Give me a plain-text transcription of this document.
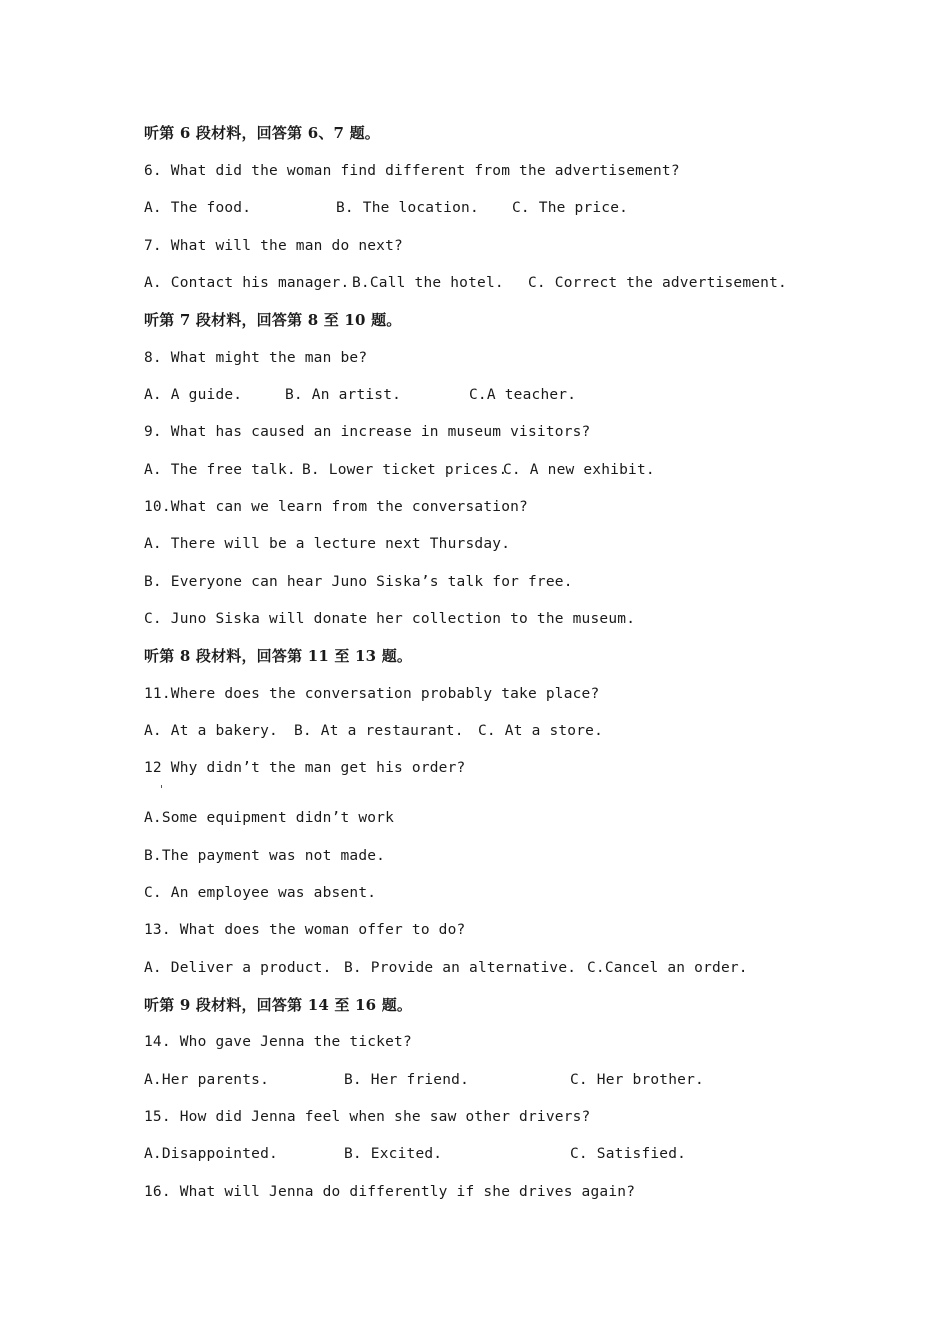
听第 6 段材料，回答第 6、7 题。
6. What did the woman find different from the advertisement?
A. The food.	B. The location. C. The price.
7. What will the man do next?
A. Contact his manager. B.Call the hotel. C. Correct the advertisement.
听第 7 段材料，回答第 8 至 10 题。
8. What might the man be?
A. A guide.	B. An artist.	C.A teacher.
9. What has caused an increase in museum visitors?
A. The free talk. B. Lower ticket prices.
C. A new exhibit.
10.What can we learn from the conversation?
A. There will be a lecture next Thursday.
B. Everyone can hear Juno Siska’s talk for free.
C. Juno Siska will donate her collection to the museum.
听第 8 段材料，回答第 11 至 13 题。
11.Where does the conversation probably take place?
A. At a bakery. B. At a restaurant. C. At a store.
12 Why didn’t the man get his order?
A.Some equipment didn’t work
B.The payment was not made.
C. An employee was absent.
13. What does the woman offer to do?
A. Deliver a product. B. Provide an alternative. C.Cancel an order.
听第 9 段材料，回答第 14 至 16 题。
14. Who gave Jenna the ticket?
A.Her parents.	B. Her friend.	C. Her brother.
15. How did Jenna feel when she saw other drivers?
A.Disappointed.	B. Excited.	C. Satisfied.
16. What will Jenna do differently if she drives again?
